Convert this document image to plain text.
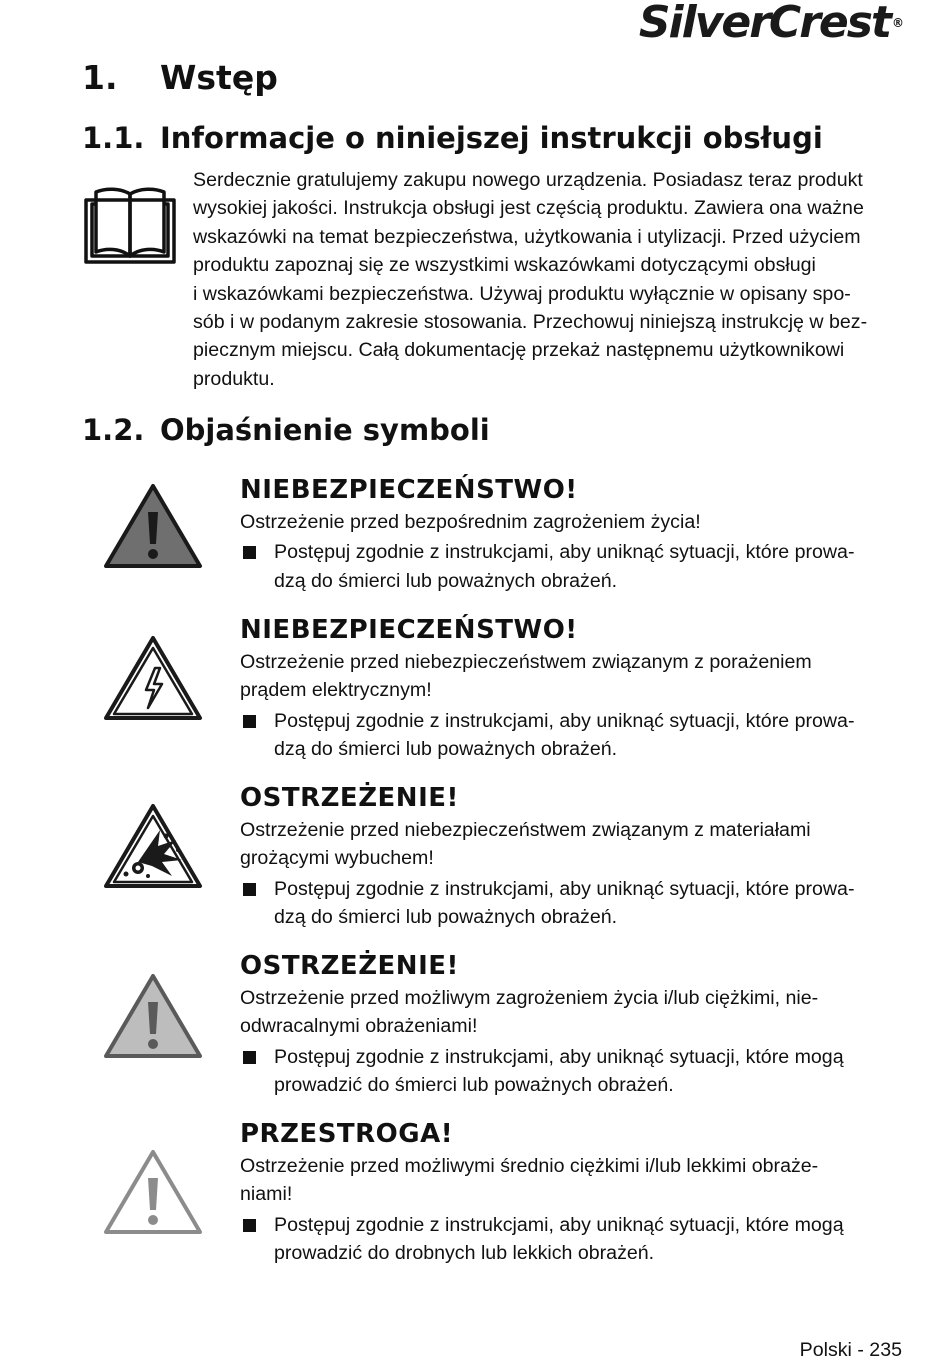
SilverCrest ®
1. Wstęp
1.1. Informacje o niniejszej instrukcji obsługi
Serdecznie gratulujemy zakupu nowego urządzenia. Posiadasz teraz produkt
wysokiej jakości. Instrukcja obsługi jest częścią produktu. Zawiera ona ważne
wskazówki na temat bezpieczeństwa, użytkowania i utylizacji. Przed użyciem
produktu zapoznaj się ze wszystkimi wskazówkami dotyczącymi obsługi
i wskazówkami bezpieczeństwa. Używaj produktu wyłącznie w opisany spo-
sób i w podanym zakresie stosowania. Przechowuj niniejszą instrukcję w bez-
piecznym miejscu. Całą dokumentację przekaż następnemu użytkownikowi
produktu.
1.2. Objaśnienie symboli

NIEBEZPIECZEŃSTWO!

Ostrzeżenie przed bezpośrednim zagrożeniem życia!

Postępuj zgodnie z instrukcjami, aby uniknąć sytuacji, które prowa-
dzą do śmierci lub poważnych obrażeń.

NIEBEZPIECZEŃSTWO!

Ostrzeżenie przed niebezpieczeństwem związanym z porażeniem
prądem elektrycznym!

Postępuj zgodnie z instrukcjami, aby uniknąć sytuacji, które prowa-
dzą do śmierci lub poważnych obrażeń.

OSTRZEŻENIE!

Ostrzeżenie przed niebezpieczeństwem związanym z materiałami
grożącymi wybuchem!

Postępuj zgodnie z instrukcjami, aby uniknąć sytuacji, które prowa-
dzą do śmierci lub poważnych obrażeń.

OSTRZEŻENIE!

Ostrzeżenie przed możliwym zagrożeniem życia i/lub ciężkimi, nie-
odwracalnymi obrażeniami!

Postępuj zgodnie z instrukcjami, aby uniknąć sytuacji, które mogą
prowadzić do śmierci lub poważnych obrażeń.

PRZESTROGA!

Ostrzeżenie przed możliwymi średnio ciężkimi i/lub lekkimi obraże-
niami!

Postępuj zgodnie z instrukcjami, aby uniknąć sytuacji, które mogą
prowadzić do drobnych lub lekkich obrażeń.
Polski - 235
